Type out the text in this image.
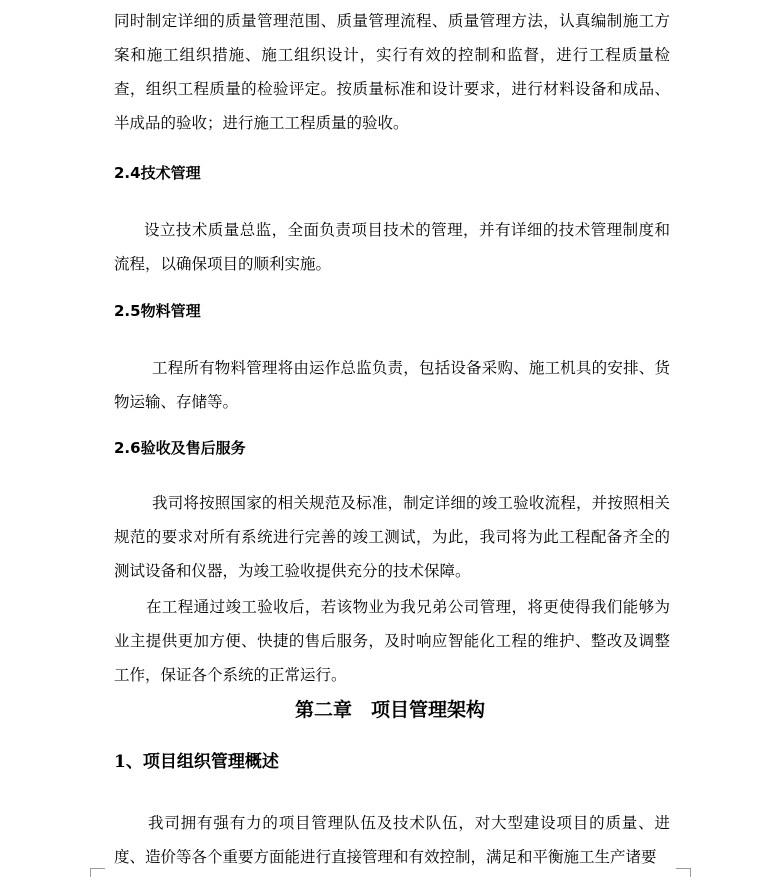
同时制定详细的质量管理范围、质量管理流程、质量管理方法，认真编制施工方案和施工组织措施、施工组织设计，实行有效的控制和监督，进行工程质量检查，组织工程质量的检验评定。按质量标准和设计要求，进行材料设备和成品、半成品的验收；进行施工工程质量的验收。

2.4技术管理

设立技术质量总监，全面负责项目技术的管理，并有详细的技术管理制度和流程，以确保项目的顺利实施。

2.5物料管理

工程所有物料管理将由运作总监负责，包括设备采购、施工机具的安排、货物运输、存储等。

2.6验收及售后服务

我司将按照国家的相关规范及标准，制定详细的竣工验收流程，并按照相关规范的要求对所有系统进行完善的竣工测试，为此，我司将为此工程配备齐全的测试设备和仪器，为竣工验收提供充分的技术保障。

在工程通过竣工验收后，若该物业为我兄弟公司管理，将更使得我们能够为业主提供更加方便、快捷的售后服务，及时响应智能化工程的维护、整改及调整工作，保证各个系统的正常运行。

第二章　项目管理架构

1、项目组织管理概述

我司拥有强有力的项目管理队伍及技术队伍，对大型建设项目的质量、进度、造价等各个重要方面能进行直接管理和有效控制，满足和平衡施工生产诸要
